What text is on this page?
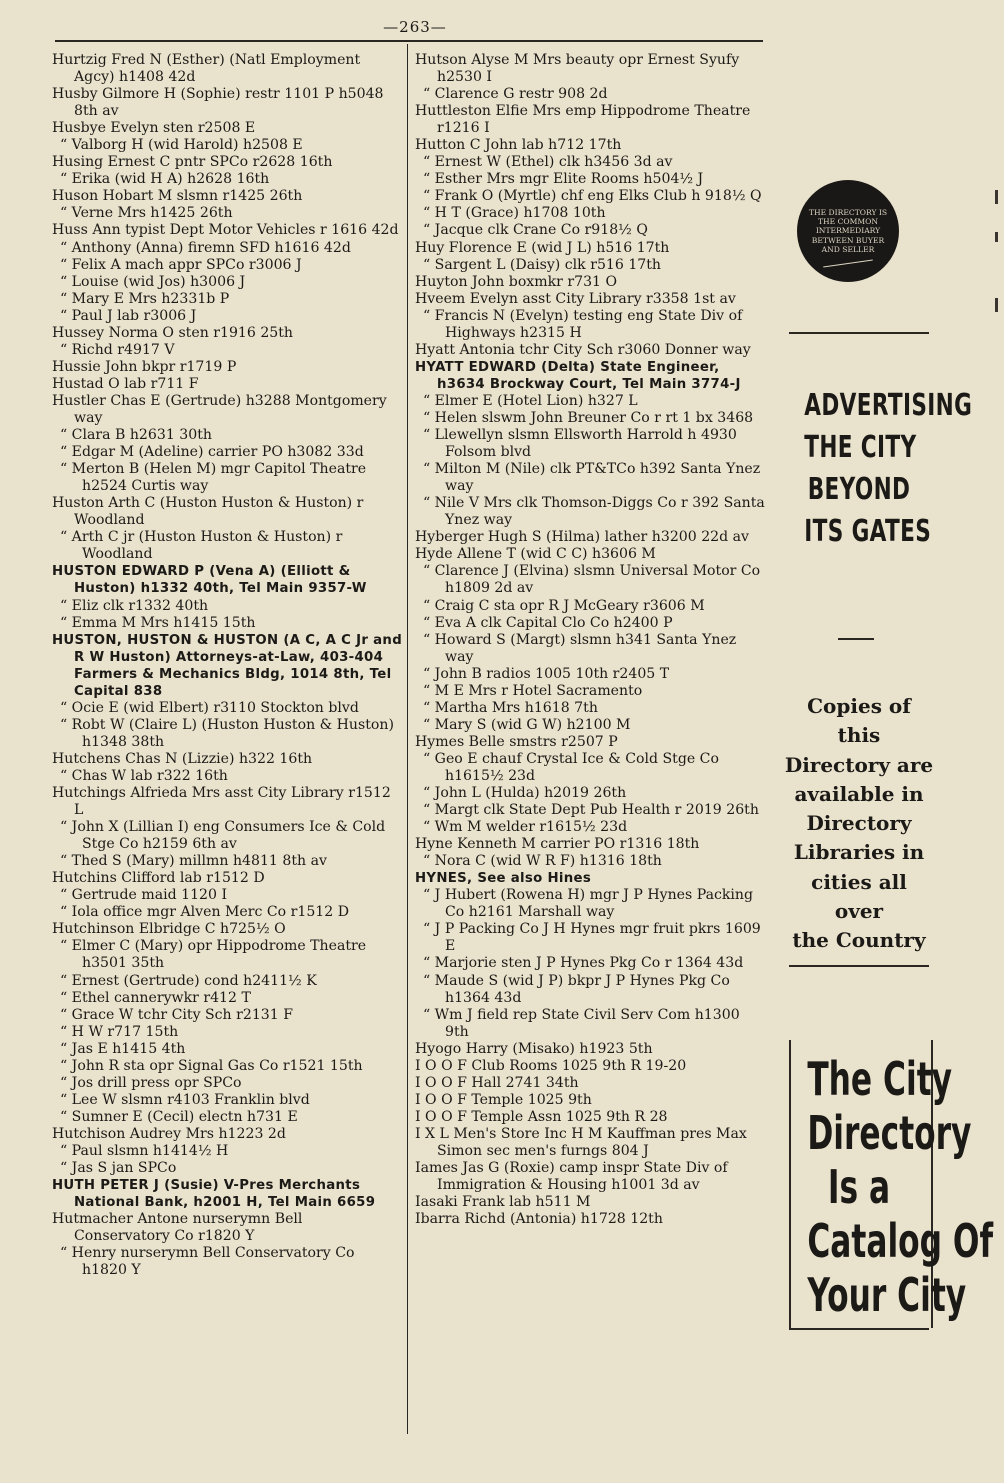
—263—

Hurtzig Fred N (Esther) (Natl Employment Agcy) h1408 42d

Husby Gilmore H (Sophie) restr 1101 P h5048 8th av

Husbye Evelyn sten r2508 E

“ Valborg H (wid Harold) h2508 E

Husing Ernest C pntr SPCo r2628 16th

“ Erika (wid H A) h2628 16th

Huson Hobart M slsmn r1425 26th

“ Verne Mrs h1425 26th

Huss Ann typist Dept Motor Vehicles r 1616 42d

“ Anthony (Anna) firemn SFD h1616 42d

“ Felix A mach appr SPCo r3006 J

“ Louise (wid Jos) h3006 J

“ Mary E Mrs h2331b P

“ Paul J lab r3006 J

Hussey Norma O sten r1916 25th

“ Richd r4917 V

Hussie John bkpr r1719 P

Hustad O lab r711 F

Hustler Chas E (Gertrude) h3288 Montgomery way

“ Clara B h2631 30th

“ Edgar M (Adeline) carrier PO h3082 33d

“ Merton B (Helen M) mgr Capitol Theatre h2524 Curtis way

Huston Arth C (Huston Huston & Huston) r Woodland

“ Arth C jr (Huston Huston & Huston) r Woodland

HUSTON EDWARD P (Vena A) (Elliott & Huston) h1332 40th, Tel Main 9357-W

“ Eliz clk r1332 40th

“ Emma M Mrs h1415 15th

HUSTON, HUSTON & HUSTON (A C, A C Jr and R W Huston) Attorneys-at-Law, 403-404 Farmers & Mechanics Bldg, 1014 8th, Tel Capital 838

“ Ocie E (wid Elbert) r3110 Stockton blvd

“ Robt W (Claire L) (Huston Huston & Huston) h1348 38th

Hutchens Chas N (Lizzie) h322 16th

“ Chas W lab r322 16th

Hutchings Alfrieda Mrs asst City Library r1512 L

“ John X (Lillian I) eng Consumers Ice & Cold Stge Co h2159 6th av

“ Thed S (Mary) millmn h4811 8th av

Hutchins Clifford lab r1512 D

“ Gertrude maid 1120 I

“ Iola office mgr Alven Merc Co r1512 D

Hutchinson Elbridge C h725½ O

“ Elmer C (Mary) opr Hippodrome Theatre h3501 35th

“ Ernest (Gertrude) cond h2411½ K

“ Ethel cannerywkr r412 T

“ Grace W tchr City Sch r2131 F

“ H W r717 15th

“ Jas E h1415 4th

“ John R sta opr Signal Gas Co r1521 15th

“ Jos drill press opr SPCo

“ Lee W slsmn r4103 Franklin blvd

“ Sumner E (Cecil) electn h731 E

Hutchison Audrey Mrs h1223 2d

“ Paul slsmn h1414½ H

“ Jas S jan SPCo

HUTH PETER J (Susie) V-Pres Merchants National Bank, h2001 H, Tel Main 6659

Hutmacher Antone nurserymn Bell Conservatory Co r1820 Y

“ Henry nurserymn Bell Conservatory Co h1820 Y

Hutson Alyse M Mrs beauty opr Ernest Syufy h2530 I

“ Clarence G restr 908 2d

Huttleston Elfie Mrs emp Hippodrome Theatre r1216 I

Hutton C John lab h712 17th

“ Ernest W (Ethel) clk h3456 3d av

“ Esther Mrs mgr Elite Rooms h504½ J

“ Frank O (Myrtle) chf eng Elks Club h 918½ Q

“ H T (Grace) h1708 10th

“ Jacque clk Crane Co r918½ Q

Huy Florence E (wid J L) h516 17th

“ Sargent L (Daisy) clk r516 17th

Huyton John boxmkr r731 O

Hveem Evelyn asst City Library r3358 1st av

“ Francis N (Evelyn) testing eng State Div of Highways h2315 H

Hyatt Antonia tchr City Sch r3060 Donner way

HYATT EDWARD (Delta) State Engineer, h3634 Brockway Court, Tel Main 3774-J

“ Elmer E (Hotel Lion) h327 L

“ Helen slswm John Breuner Co r rt 1 bx 3468

“ Llewellyn slsmn Ellsworth Harrold h 4930 Folsom blvd

“ Milton M (Nile) clk PT&TCo h392 Santa Ynez way

“ Nile V Mrs clk Thomson-Diggs Co r 392 Santa Ynez way

Hyberger Hugh S (Hilma) lather h3200 22d av

Hyde Allene T (wid C C) h3606 M

“ Clarence J (Elvina) slsmn Universal Motor Co h1809 2d av

“ Craig C sta opr R J McGeary r3606 M

“ Eva A clk Capital Clo Co h2400 P

“ Howard S (Margt) slsmn h341 Santa Ynez way

“ John B radios 1005 10th r2405 T

“ M E Mrs r Hotel Sacramento

“ Martha Mrs h1618 7th

“ Mary S (wid G W) h2100 M

Hymes Belle smstrs r2507 P

“ Geo E chauf Crystal Ice & Cold Stge Co h1615½ 23d

“ John L (Hulda) h2019 26th

“ Margt clk State Dept Pub Health r 2019 26th

“ Wm M welder r1615½ 23d

Hyne Kenneth M carrier PO r1316 18th

“ Nora C (wid W R F) h1316 18th

HYNES, See also Hines

“ J Hubert (Rowena H) mgr J P Hynes Packing Co h2161 Marshall way

“ J P Packing Co J H Hynes mgr fruit pkrs 1609 E

“ Marjorie sten J P Hynes Pkg Co r 1364 43d

“ Maude S (wid J P) bkpr J P Hynes Pkg Co h1364 43d

“ Wm J field rep State Civil Serv Com h1300 9th

Hyogo Harry (Misako) h1923 5th

I O O F Club Rooms 1025 9th R 19-20

I O O F Hall 2741 34th

I O O F Temple 1025 9th

I O O F Temple Assn 1025 9th R 28

I X L Men's Store Inc H M Kauffman pres Max Simon sec men's furngs 804 J

Iames Jas G (Roxie) camp inspr State Div of Immigration & Housing h1001 3d av

Iasaki Frank lab h511 M

Ibarra Richd (Antonia) h1728 12th

THE DIRECTORY IS THE COMMON INTERMEDIARY BETWEEN BUYER AND SELLER
ADVERTISING
THE CITY
BEYOND
ITS GATES
Copies of
this
Directory are
available in
Directory
Libraries in
cities all
over
the Country
The City
Directory
Is a
Catalog Of
Your City
